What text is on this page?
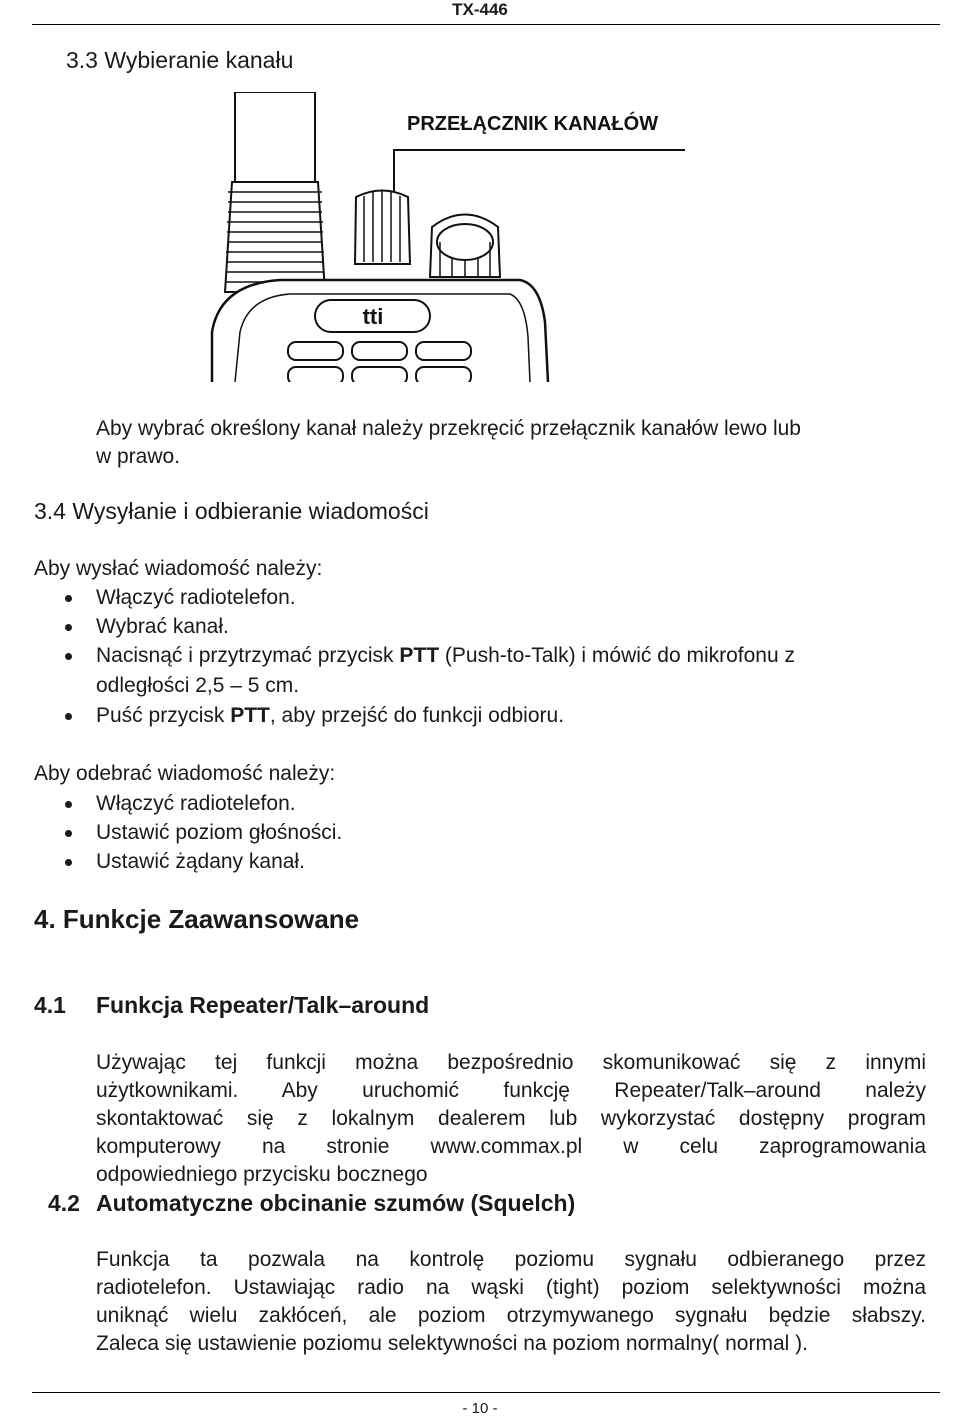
TX-446
3.3 Wybieranie kanału
PRZEŁĄCZNIK KANAŁÓW
tti
Aby wybrać określony kanał należy przekręcić przełącznik kanałów lewo lub
w prawo.
3.4 Wysyłanie i odbieranie wiadomości
Aby wysłać wiadomość należy:
Włączyć radiotelefon.
Wybrać kanał.
Nacisnąć i przytrzymać przycisk PTT (Push-to-Talk) i mówić do mikrofonu z
odległości 2,5 – 5 cm.
Puść przycisk PTT, aby przejść do funkcji odbioru.
Aby odebrać wiadomość należy:
Włączyć radiotelefon.
Ustawić poziom głośności.
Ustawić żądany kanał.
4. Funkcje Zaawansowane
4.1 Funkcja Repeater/Talk–around
Używając tej funkcji można bezpośrednio skomunikować się z innymi
użytkownikami. Aby uruchomić funkcję Repeater/Talk–around należy
skontaktować się z lokalnym dealerem lub wykorzystać dostępny program
komputerowy na stronie www.commax.pl w celu zaprogramowania
odpowiedniego przycisku bocznego
4.2 Automatyczne obcinanie szumów (Squelch)
Funkcja ta pozwala na kontrolę poziomu sygnału odbieranego przez
radiotelefon. Ustawiając radio na wąski (tight) poziom selektywności można
uniknąć wielu zakłóceń, ale poziom otrzymywanego sygnału będzie słabszy.
Zaleca się ustawienie poziomu selektywności na poziom normalny( normal ).
- 10 -
